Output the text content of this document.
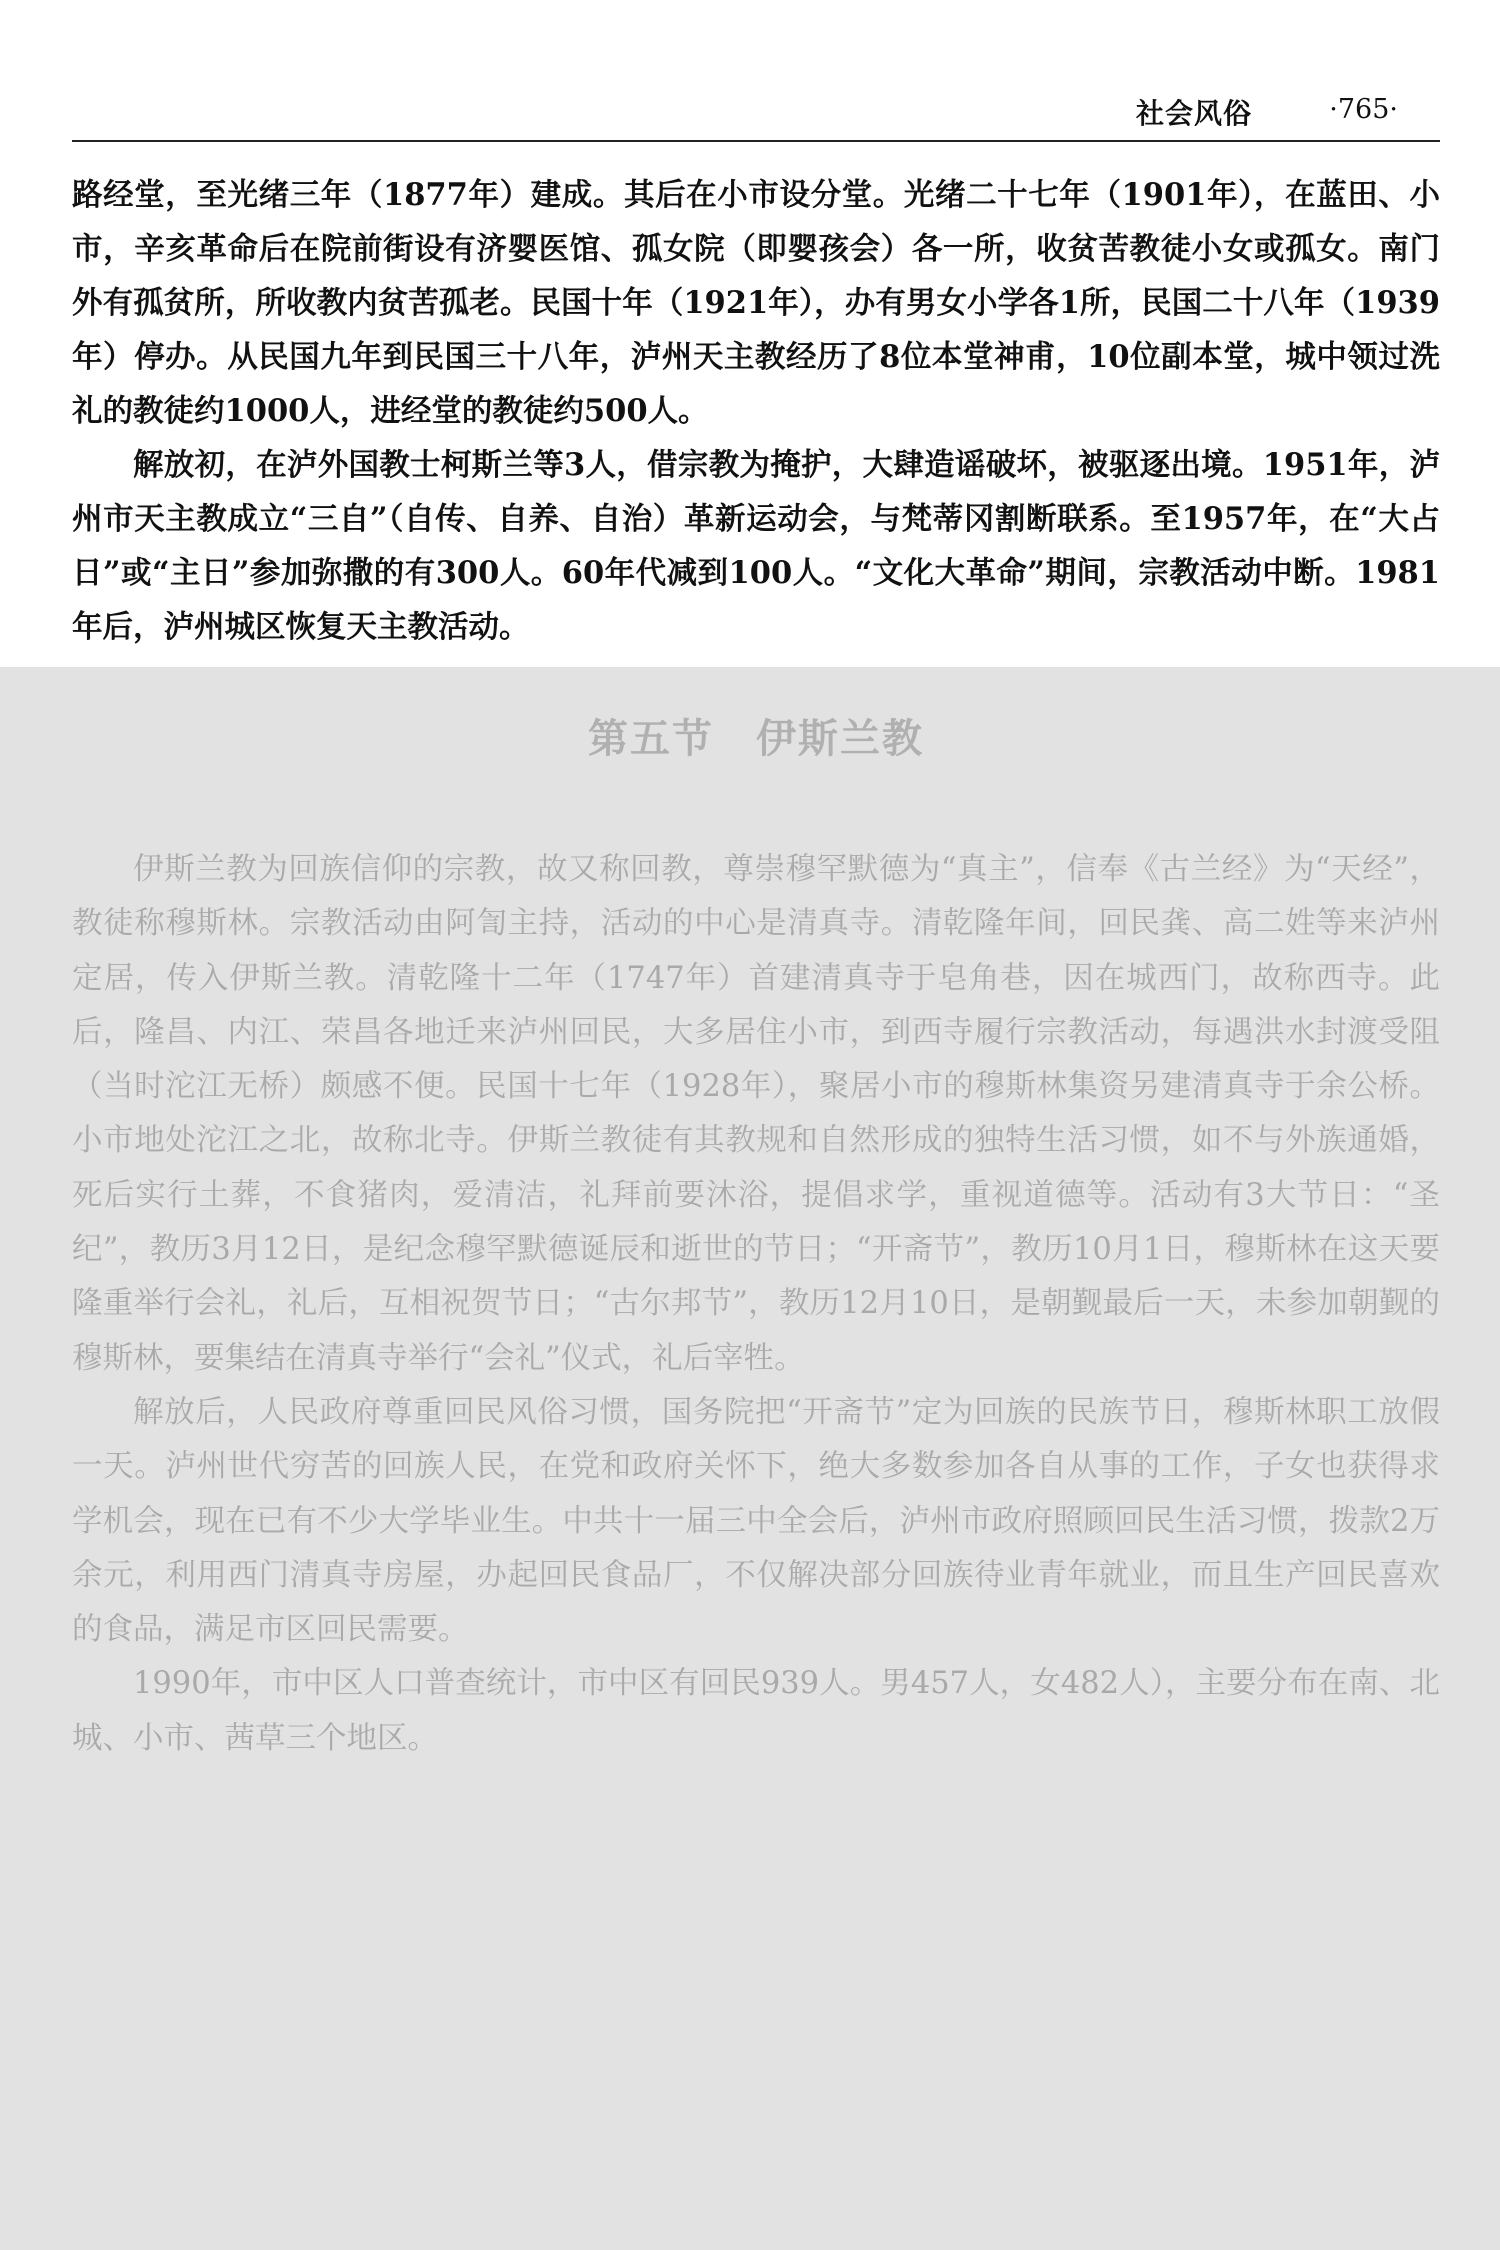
社会风俗	·765·

路经堂，至光绪三年（1877年）建成。其后在小市设分堂。光绪二十七年（1901年），在蓝田、小市，辛亥革命后在院前街设有济婴医馆、孤女院（即婴孩会）各一所，收贫苦教徒小女或孤女。南门外有孤贫所，所收教内贫苦孤老。民国十年（1921年），办有男女小学各1所，民国二十八年（1939年）停办。从民国九年到民国三十八年，泸州天主教经历了8位本堂神甫，10位副本堂，城中领过洗礼的教徒约1000人，进经堂的教徒约500人。

解放初，在泸外国教士柯斯兰等3人，借宗教为掩护，大肆造谣破坏，被驱逐出境。1951年，泸州市天主教成立“三自”（自传、自养、自治）革新运动会，与梵蒂冈割断联系。至1957年，在“大占日”或“主日”参加弥撒的有300人。60年代减到100人。“文化大革命”期间，宗教活动中断。1981年后，泸州城区恢复天主教活动。

第五节　伊斯兰教

伊斯兰教为回族信仰的宗教，故又称回教，尊崇穆罕默德为“真主”，信奉《古兰经》为“天经”，教徒称穆斯林。宗教活动由阿訇主持，活动的中心是清真寺。清乾隆年间，回民龚、高二姓等来泸州定居，传入伊斯兰教。清乾隆十二年（1747年）首建清真寺于皂角巷，因在城西门，故称西寺。此后，隆昌、内江、荣昌各地迁来泸州回民，大多居住小市，到西寺履行宗教活动，每遇洪水封渡受阻（当时沱江无桥）颇感不便。民国十七年（1928年），聚居小市的穆斯林集资另建清真寺于余公桥。小市地处沱江之北，故称北寺。伊斯兰教徒有其教规和自然形成的独特生活习惯，如不与外族通婚，死后实行土葬，不食猪肉，爱清洁，礼拜前要沐浴，提倡求学，重视道德等。活动有3大节日：“圣纪”，教历3月12日，是纪念穆罕默德诞辰和逝世的节日；“开斋节”，教历10月1日，穆斯林在这天要隆重举行会礼，礼后，互相祝贺节日；“古尔邦节”，教历12月10日，是朝觐最后一天，未参加朝觐的穆斯林，要集结在清真寺举行“会礼”仪式，礼后宰牲。

解放后，人民政府尊重回民风俗习惯，国务院把“开斋节”定为回族的民族节日，穆斯林职工放假一天。泸州世代穷苦的回族人民，在党和政府关怀下，绝大多数参加各自从事的工作，子女也获得求学机会，现在已有不少大学毕业生。中共十一届三中全会后，泸州市政府照顾回民生活习惯，拨款2万余元，利用西门清真寺房屋，办起回民食品厂，不仅解决部分回族待业青年就业，而且生产回民喜欢的食品，满足市区回民需要。

1990年，市中区人口普查统计，市中区有回民939人。男457人，女482人），主要分布在南、北城、小市、茜草三个地区。
